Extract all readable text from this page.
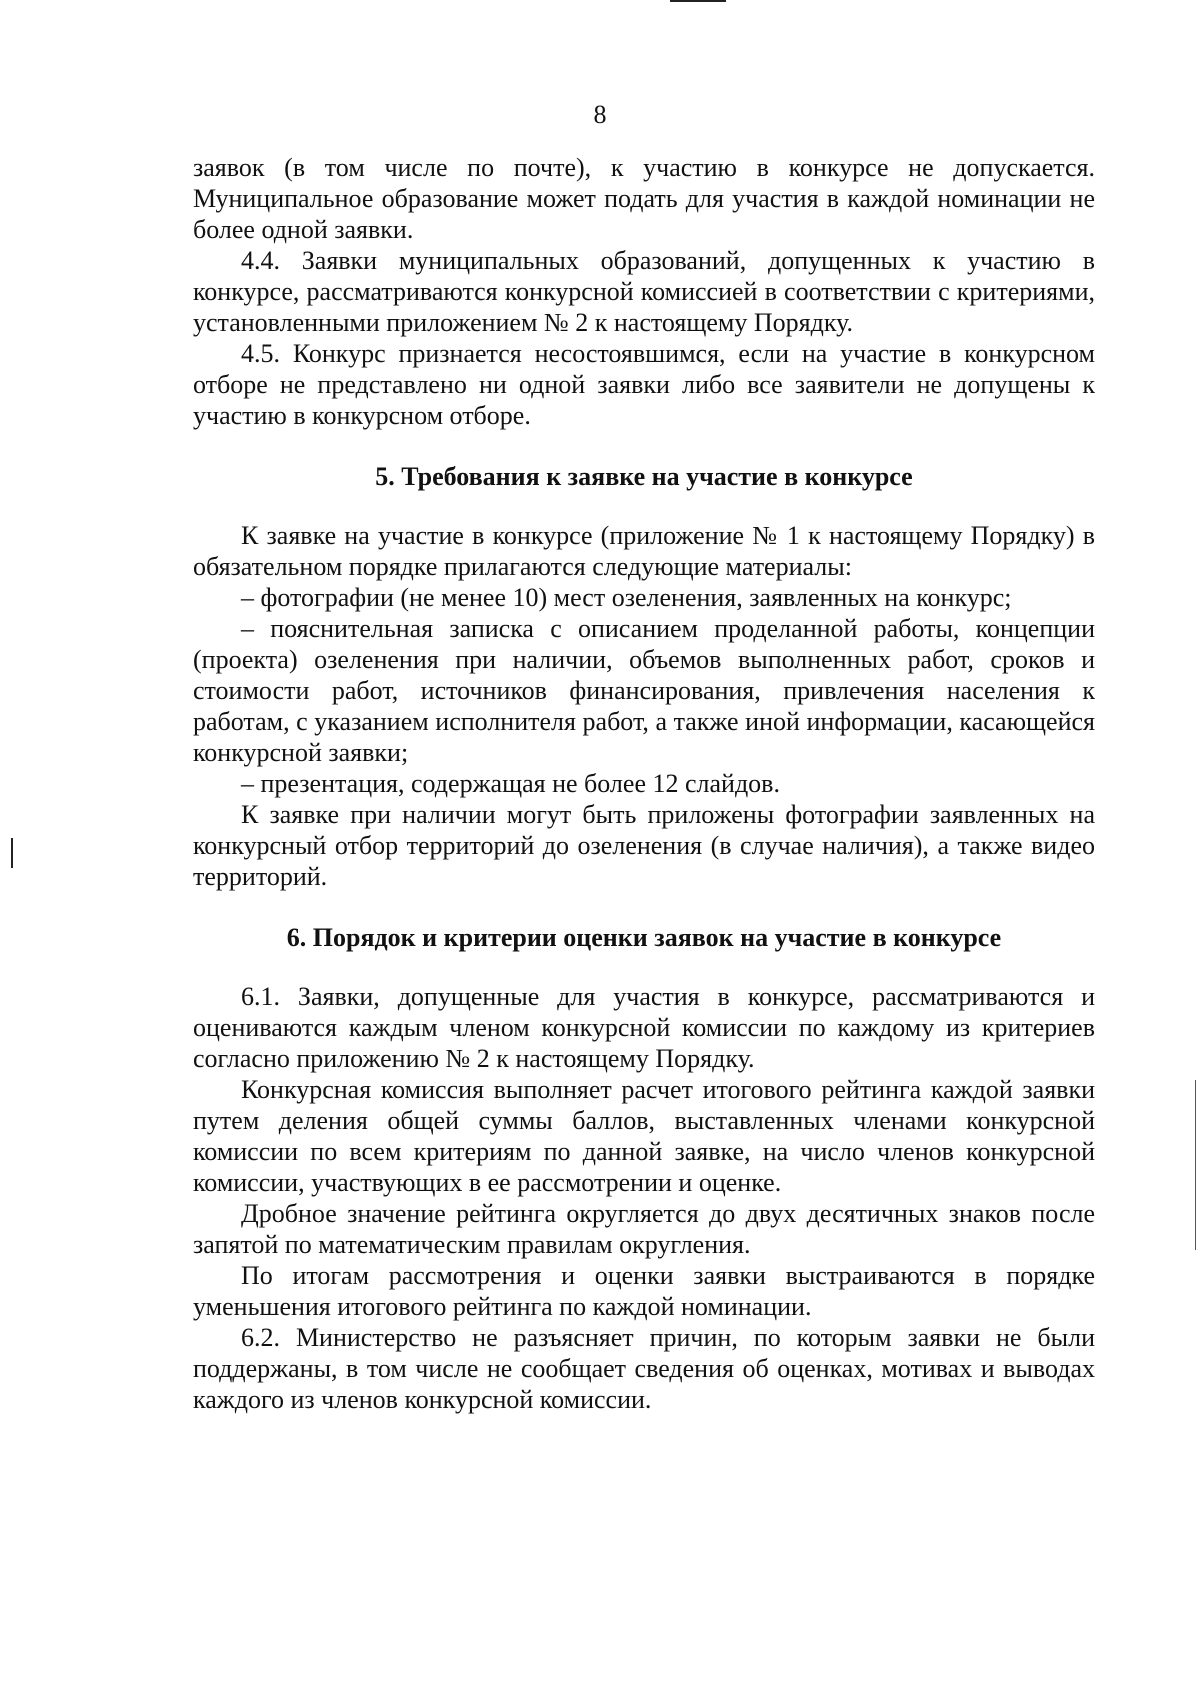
8

заявок (в том числе по почте), к участию в конкурсе не допускается. Муниципальное образование может подать для участия в каждой номинации не более одной заявки.

4.4. Заявки муниципальных образований, допущенных к участию в конкурсе, рассматриваются конкурсной комиссией в соответствии с критериями, установленными приложением № 2 к настоящему Порядку.

4.5. Конкурс признается несостоявшимся, если на участие в конкурсном отборе не представлено ни одной заявки либо все заявители не допущены к участию в конкурсном отборе.

5. Требования к заявке на участие в конкурсе

К заявке на участие в конкурсе (приложение № 1 к настоящему Порядку) в обязательном порядке прилагаются следующие материалы:

– фотографии (не менее 10) мест озеленения, заявленных на конкурс;

– пояснительная записка с описанием проделанной работы, концепции (проекта) озеленения при наличии, объемов выполненных работ, сроков и стоимости работ, источников финансирования, привлечения населения к работам, с указанием исполнителя работ, а также иной информации, касающейся конкурсной заявки;

– презентация, содержащая не более 12 слайдов.

К заявке при наличии могут быть приложены фотографии заявленных на конкурсный отбор территорий до озеленения (в случае наличия), а также видео территорий.

6. Порядок и критерии оценки заявок на участие в конкурсе

6.1. Заявки, допущенные для участия в конкурсе, рассматриваются и оцениваются каждым членом конкурсной комиссии по каждому из критериев согласно приложению № 2 к настоящему Порядку.

Конкурсная комиссия выполняет расчет итогового рейтинга каждой заявки путем деления общей суммы баллов, выставленных членами конкурсной комиссии по всем критериям по данной заявке, на число членов конкурсной комиссии, участвующих в ее рассмотрении и оценке.

Дробное значение рейтинга округляется до двух десятичных знаков после запятой по математическим правилам округления.

По итогам рассмотрения и оценки заявки выстраиваются в порядке уменьшения итогового рейтинга по каждой номинации.

6.2. Министерство не разъясняет причин, по которым заявки не были поддержаны, в том числе не сообщает сведения об оценках, мотивах и выводах каждого из членов конкурсной комиссии.
